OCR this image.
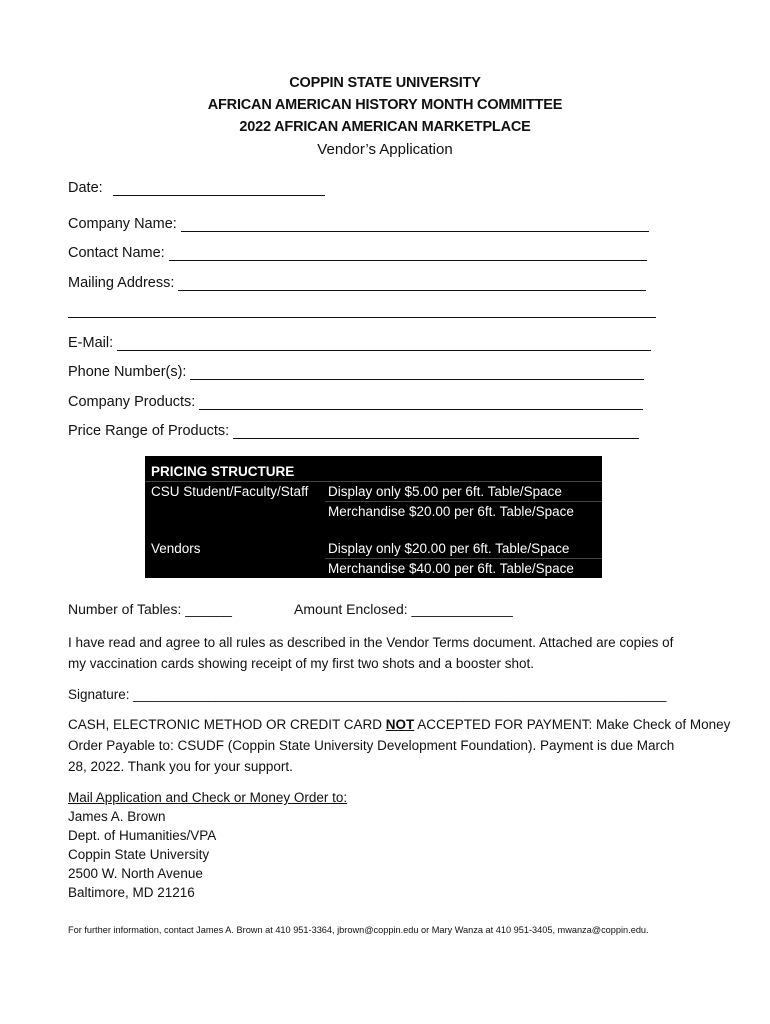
COPPIN STATE UNIVERSITY
AFRICAN AMERICAN HISTORY MONTH COMMITTEE
2022 AFRICAN AMERICAN MARKETPLACE
Vendor’s Application
Date:
Company Name:
Contact Name:
Mailing Address:
E-Mail:
Phone Number(s):
Company Products:
Price Range of Products:
PRICING STRUCTURE
CSU Student/Faculty/Staff Display only $5.00 per 6ft. Table/Space
Merchandise $20.00 per 6ft. Table/Space
Vendors	Display only $20.00 per 6ft. Table/Space
Merchandise $40.00 per 6ft. Table/Space
Number of Tables: ______	Amount Enclosed: _____________
I have read and agree to all rules as described in the Vendor Terms document. Attached are copies of
my vaccination cards showing receipt of my first two shots and a booster shot.
Signature: _______________________________________________________________________
CASH, ELECTRONIC METHOD OR CREDIT CARD NOT ACCEPTED FOR PAYMENT: Make Check of Money
Order Payable to: CSUDF (Coppin State University Development Foundation). Payment is due March
28, 2022. Thank you for your support.
Mail Application and Check or Money Order to:
James A. Brown
Dept. of Humanities/VPA
Coppin State University
2500 W. North Avenue
Baltimore, MD 21216
For further information, contact James A. Brown at 410 951-3364, jbrown@coppin.edu or Mary Wanza at 410 951-3405, mwanza@coppin.edu.
